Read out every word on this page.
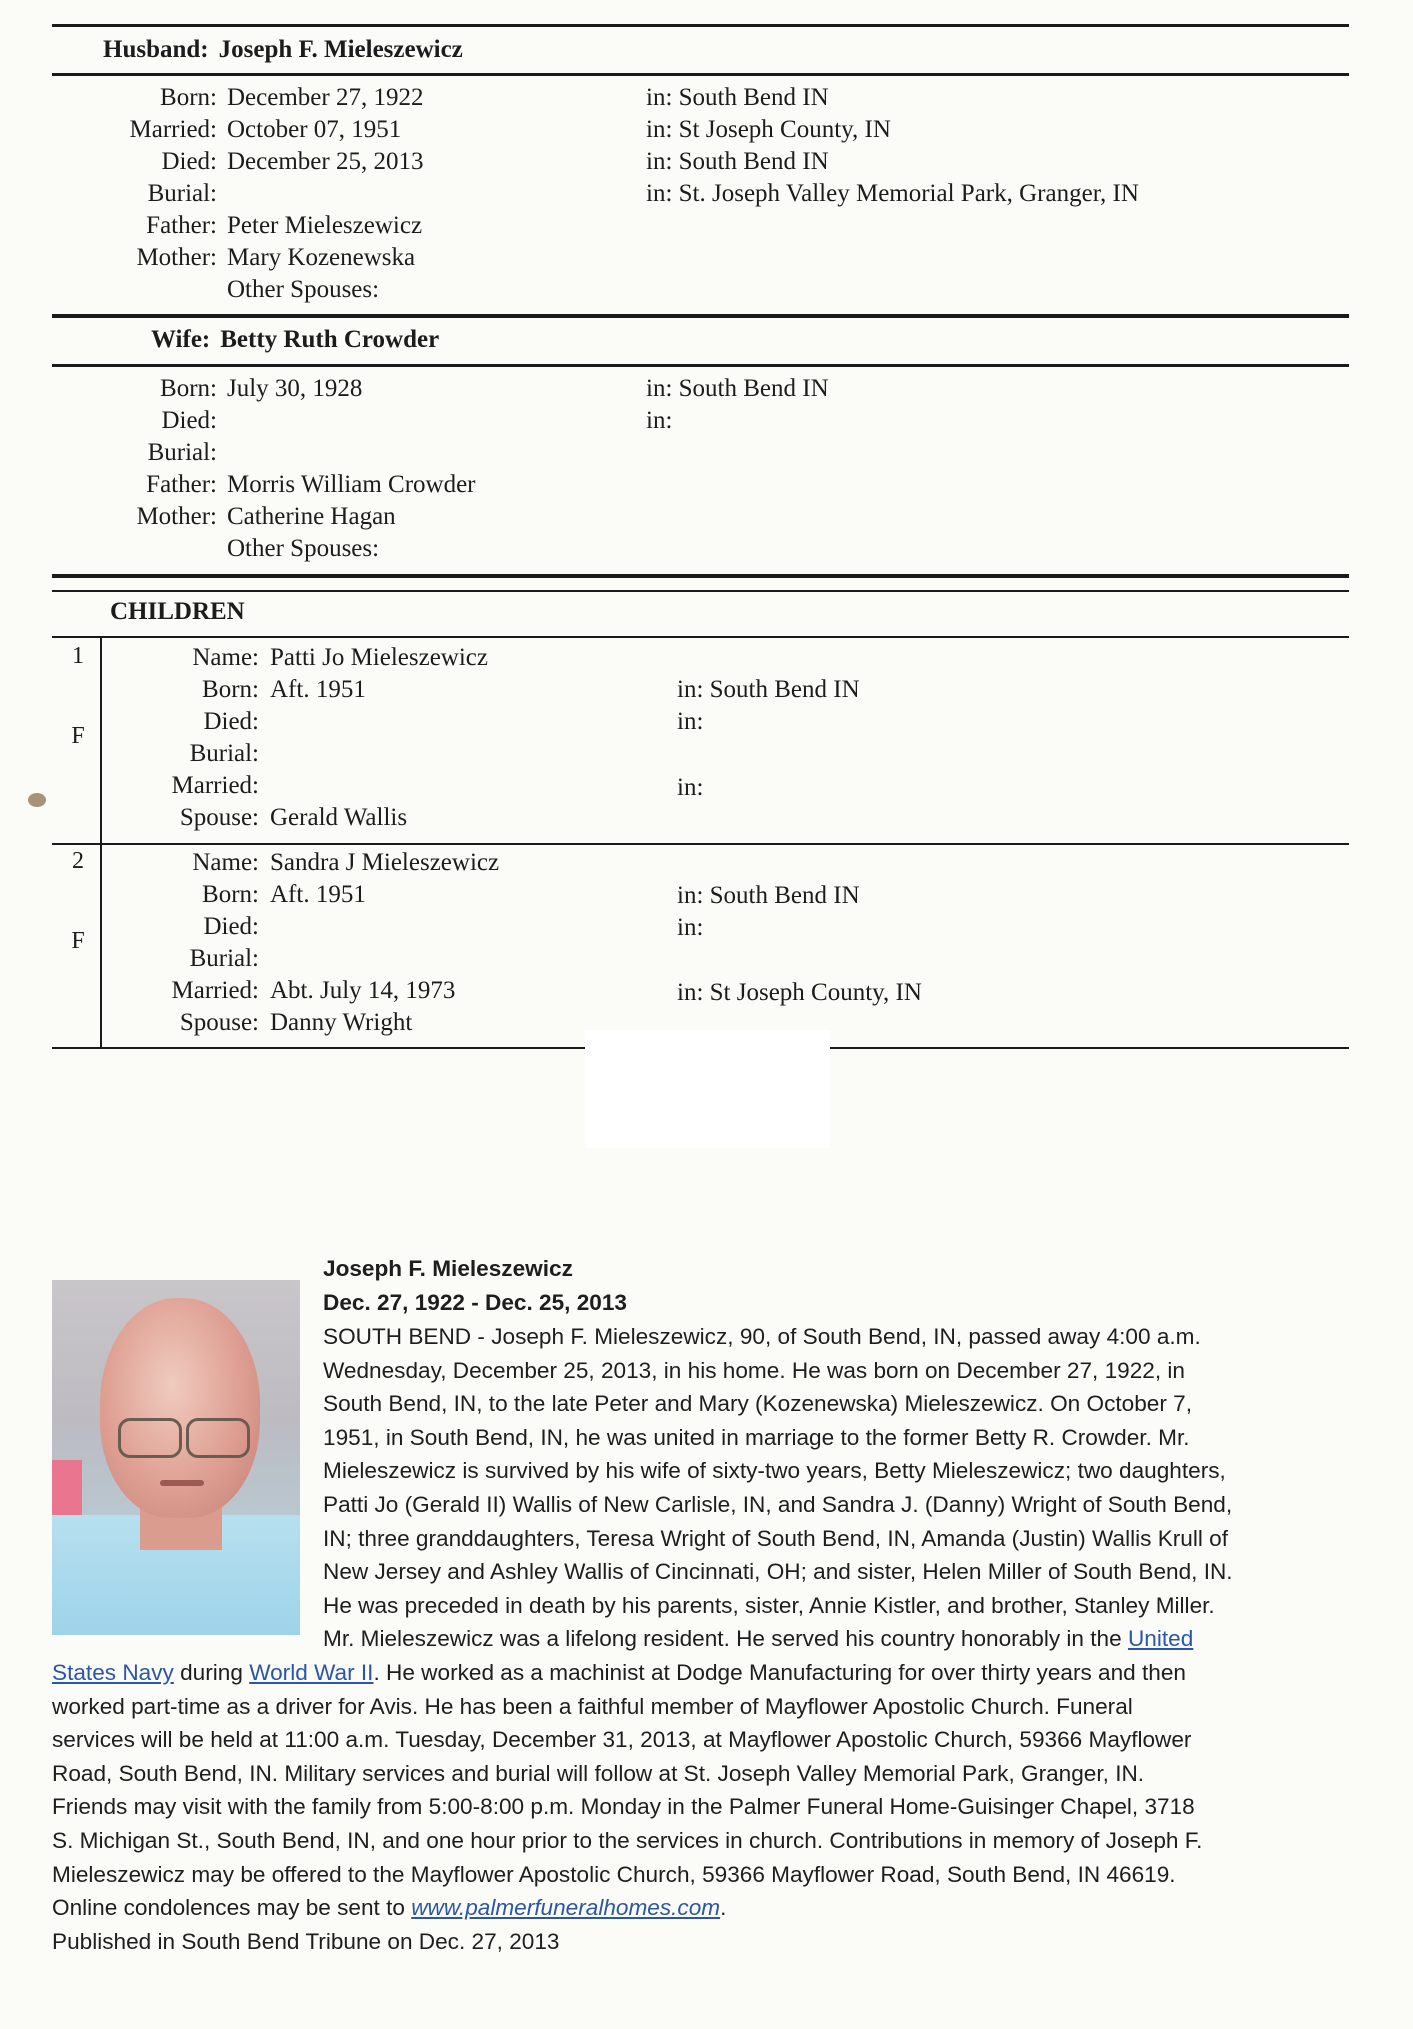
Husband: Joseph F. Mieleszewicz
Born: December 27, 1922	in: South Bend IN
Married: October 07, 1951	in: St Joseph County, IN
Died: December 25, 2013	in: South Bend IN
Burial:	in: St. Joseph Valley Memorial Park, Granger, IN
Father: Peter Mieleszewicz
Mother: Mary Kozenewska
Other Spouses:
Wife: Betty Ruth Crowder
Born: July 30, 1928	in: South Bend IN
Died:	in:
Burial:
Father: Morris William Crowder
Mother: Catherine Hagan
Other Spouses:
CHILDREN
1
F
Name: Patti Jo Mieleszewicz
Born: Aft. 1951	in: South Bend IN
Died:	in:
Burial:
Married:	in:
Spouse: Gerald Wallis
2
F
Name: Sandra J Mieleszewicz
Born: Aft. 1951	in: South Bend IN
Died:	in:
Burial:
Married: Abt. July 14, 1973	in: St Joseph County, IN
Spouse: Danny Wright
Joseph F. Mieleszewicz
Dec. 27, 1922 - Dec. 25, 2013
SOUTH BEND - Joseph F. Mieleszewicz, 90, of South Bend, IN, passed away 4:00 a.m.
Wednesday, December 25, 2013, in his home. He was born on December 27, 1922, in
South Bend, IN, to the late Peter and Mary (Kozenewska) Mieleszewicz. On October 7,
1951, in South Bend, IN, he was united in marriage to the former Betty R. Crowder. Mr.
Mieleszewicz is survived by his wife of sixty-two years, Betty Mieleszewicz; two daughters,
Patti Jo (Gerald II) Wallis of New Carlisle, IN, and Sandra J. (Danny) Wright of South Bend,
IN; three granddaughters, Teresa Wright of South Bend, IN, Amanda (Justin) Wallis Krull of
New Jersey and Ashley Wallis of Cincinnati, OH; and sister, Helen Miller of South Bend, IN.
He was preceded in death by his parents, sister, Annie Kistler, and brother, Stanley Miller.
Mr. Mieleszewicz was a lifelong resident. He served his country honorably in the United
States Navy during World War II. He worked as a machinist at Dodge Manufacturing for over thirty years and then
worked part-time as a driver for Avis. He has been a faithful member of Mayflower Apostolic Church. Funeral
services will be held at 11:00 a.m. Tuesday, December 31, 2013, at Mayflower Apostolic Church, 59366 Mayflower
Road, South Bend, IN. Military services and burial will follow at St. Joseph Valley Memorial Park, Granger, IN.
Friends may visit with the family from 5:00-8:00 p.m. Monday in the Palmer Funeral Home-Guisinger Chapel, 3718
S. Michigan St., South Bend, IN, and one hour prior to the services in church. Contributions in memory of Joseph F.
Mieleszewicz may be offered to the Mayflower Apostolic Church, 59366 Mayflower Road, South Bend, IN 46619.
Online condolences may be sent to www.palmerfuneralhomes.com.
Published in South Bend Tribune on Dec. 27, 2013
